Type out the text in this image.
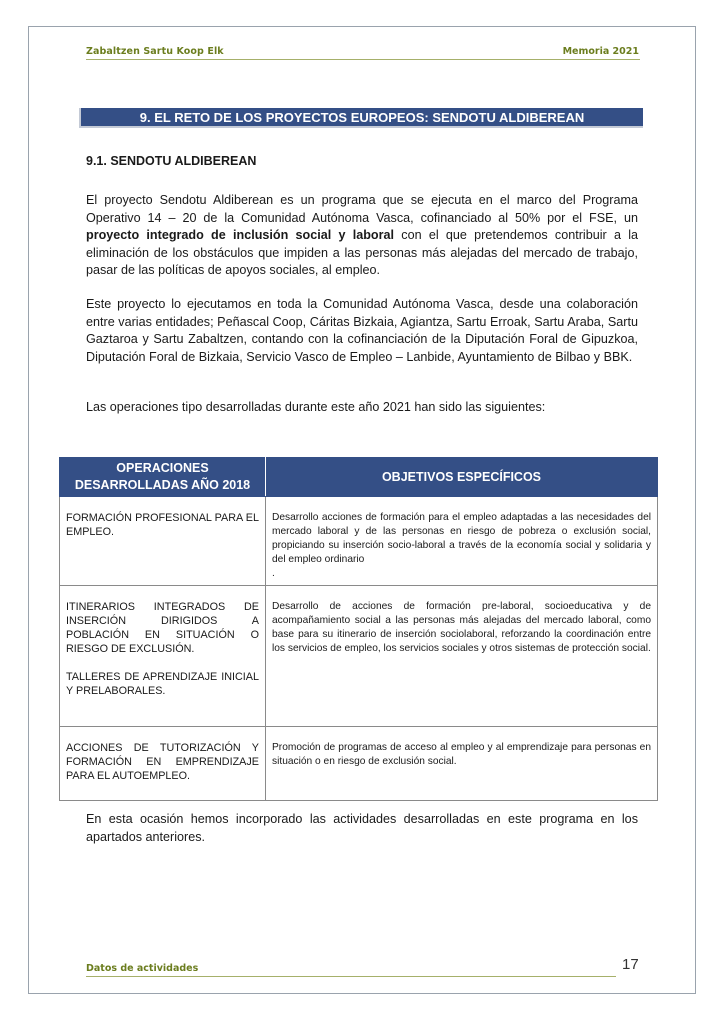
Zabaltzen Sartu Koop Elk	Memoria 2021
9. EL RETO DE LOS PROYECTOS EUROPEOS: SENDOTU ALDIBEREAN
9.1. SENDOTU ALDIBEREAN

El proyecto Sendotu Aldiberean es un programa que se ejecuta en el marco del Programa Operativo 14 – 20 de la Comunidad Autónoma Vasca, cofinanciado al 50% por el FSE, un proyecto integrado de inclusión social y laboral con el que pretendemos contribuir a la eliminación de los obstáculos que impiden a las personas más alejadas del mercado de trabajo, pasar de las políticas de apoyos sociales, al empleo.

Este proyecto lo ejecutamos en toda la Comunidad Autónoma Vasca, desde una colaboración entre varias entidades; Peñascal Coop, Cáritas Bizkaia, Agiantza, Sartu Erroak, Sartu Araba, Sartu Gaztaroa y Sartu Zabaltzen, contando con la cofinanciación de la Diputación Foral de Gipuzkoa, Diputación Foral de Bizkaia, Servicio Vasco de Empleo – Lanbide, Ayuntamiento de Bilbao y BBK.

Las operaciones tipo desarrolladas durante este año 2021 han sido las siguientes:

OPERACIONES DESARROLLADAS AÑO 2018	OBJETIVOS ESPECÍFICOS
FORMACIÓN PROFESIONAL PARA EL EMPLEO.	Desarrollo acciones de formación para el empleo adaptadas a las necesidades del mercado laboral y de las personas en riesgo de pobreza o exclusión social, propiciando su inserción socio-laboral a través de la economía social y solidaria y del empleo ordinario
.
ITINERARIOS INTEGRADOS DE INSERCIÓN DIRIGIDOS A POBLACIÓN EN SITUACIÓN O RIESGO DE EXCLUSIÓN.
TALLERES DE APRENDIZAJE INICIAL Y PRELABORALES.	Desarrollo de acciones de formación pre-laboral, socioeducativa y de acompañamiento social a las personas más alejadas del mercado laboral, como base para su itinerario de inserción sociolaboral, reforzando la coordinación entre los servicios de empleo, los servicios sociales y otros sistemas de protección social.
ACCIONES DE TUTORIZACIÓN Y FORMACIÓN EN EMPRENDIZAJE PARA EL AUTOEMPLEO.	Promoción de programas de acceso al empleo y al emprendizaje para personas en situación o en riesgo de exclusión social.

En esta ocasión hemos incorporado las actividades desarrolladas en este programa en los apartados anteriores.

Datos de actividades	17
